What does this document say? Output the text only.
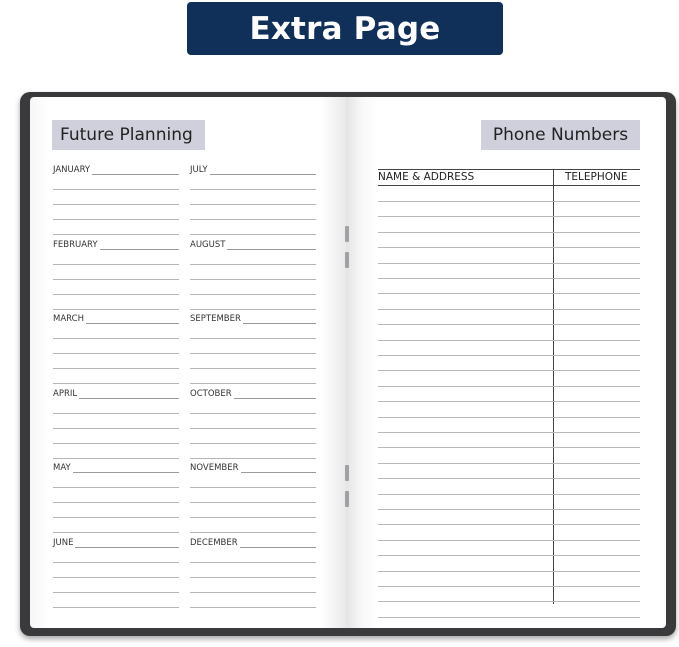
Extra Page
Future Planning	Phone Numbers
JANUARY
FEBRUARY
MARCH
APRIL
MAY
JUNE
JULY
AUGUST
SEPTEMBER
OCTOBER
NOVEMBER
DECEMBER
NAME & ADDRESS	TELEPHONE
